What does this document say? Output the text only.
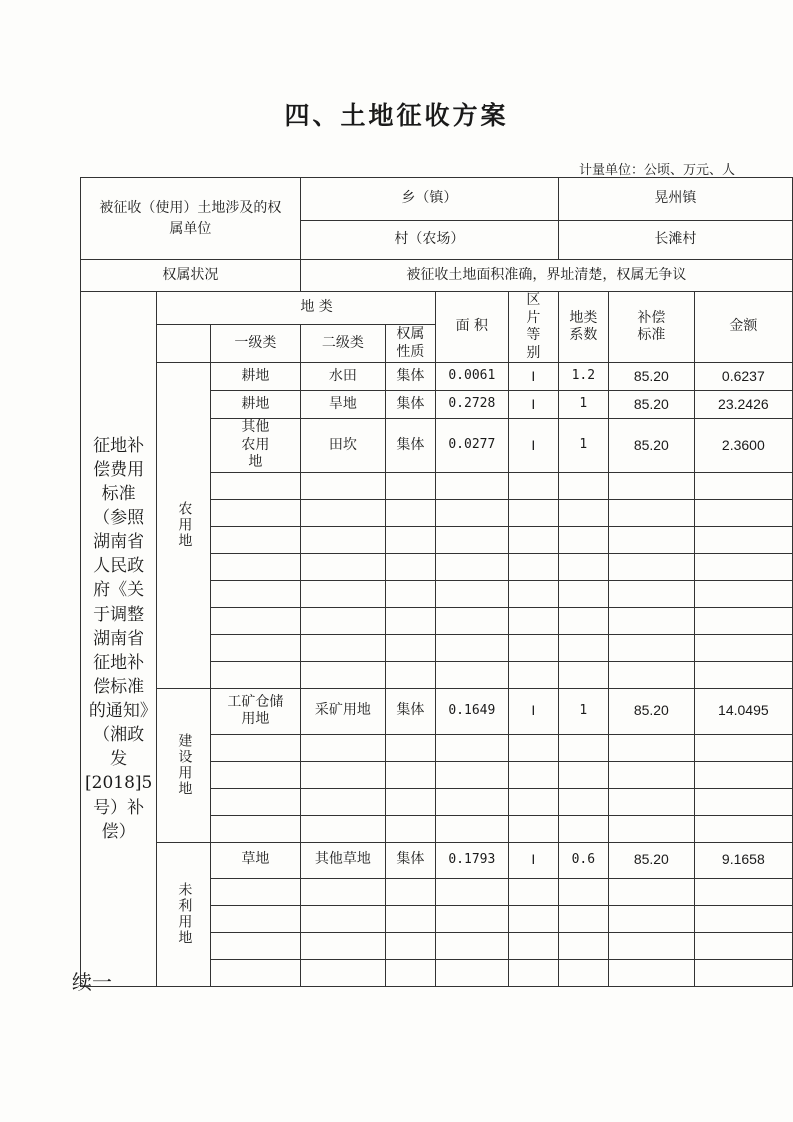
四、土地征收方案
计量单位：公顷、万元、人
被征收（使用）土地涉及的权属单位			乡（镇）				晃州镇		
			村（农场）				长滩村		
权属状况			被征收土地面积准确，界址清楚，权属无争议						
征地补偿费用标准（参照湖南省人民政府《关于调整湖南省征地补偿标准的通知》（湘政发[2018]5号）补偿）			地 类		面 积	区片等别	地类系数	补偿标准	金额
		一级类	二级类	权属性质					

	农用地	耕地	水田	集体	0.0061	I	1.2	85.20	0.6237
		耕地	旱地	集体	0.2728	I	1	85.20	23.2426
		其他农用地	田坎	集体	0.0277	I	1	85.20	2.3600

	建设用地	工矿仓储用地	采矿用地	集体	0.1649	I	1	85.20	14.0495

	未利用地	草地	其他草地	集体	0.1793	I	0.6	85.20	9.1658

续一
